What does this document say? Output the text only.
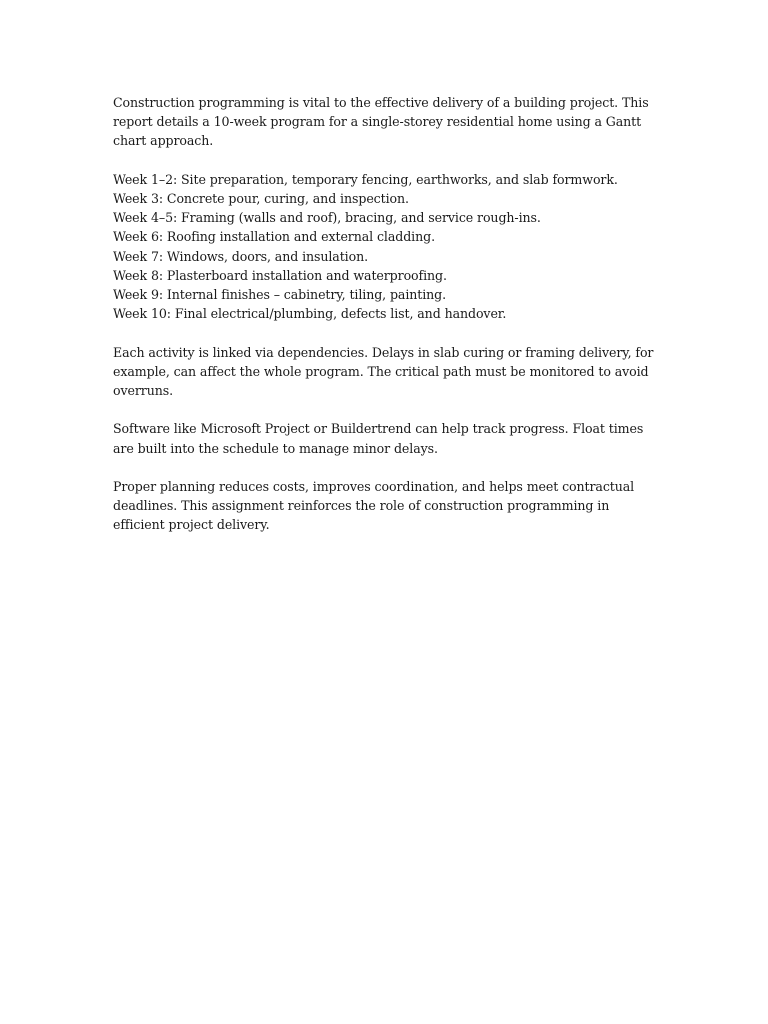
Construction programming is vital to the effective delivery of a building project. This report details a 10-week program for a single-storey residential home using a Gantt chart approach.

Week 1–2: Site preparation, temporary fencing, earthworks, and slab formwork.
Week 3: Concrete pour, curing, and inspection.
Week 4–5: Framing (walls and roof), bracing, and service rough-ins.
Week 6: Roofing installation and external cladding.
Week 7: Windows, doors, and insulation.
Week 8: Plasterboard installation and waterproofing.
Week 9: Internal finishes – cabinetry, tiling, painting.
Week 10: Final electrical/plumbing, defects list, and handover.

Each activity is linked via dependencies. Delays in slab curing or framing delivery, for example, can affect the whole program. The critical path must be monitored to avoid overruns.

Software like Microsoft Project or Buildertrend can help track progress. Float times are built into the schedule to manage minor delays.

Proper planning reduces costs, improves coordination, and helps meet contractual deadlines. This assignment reinforces the role of construction programming in efficient project delivery.
